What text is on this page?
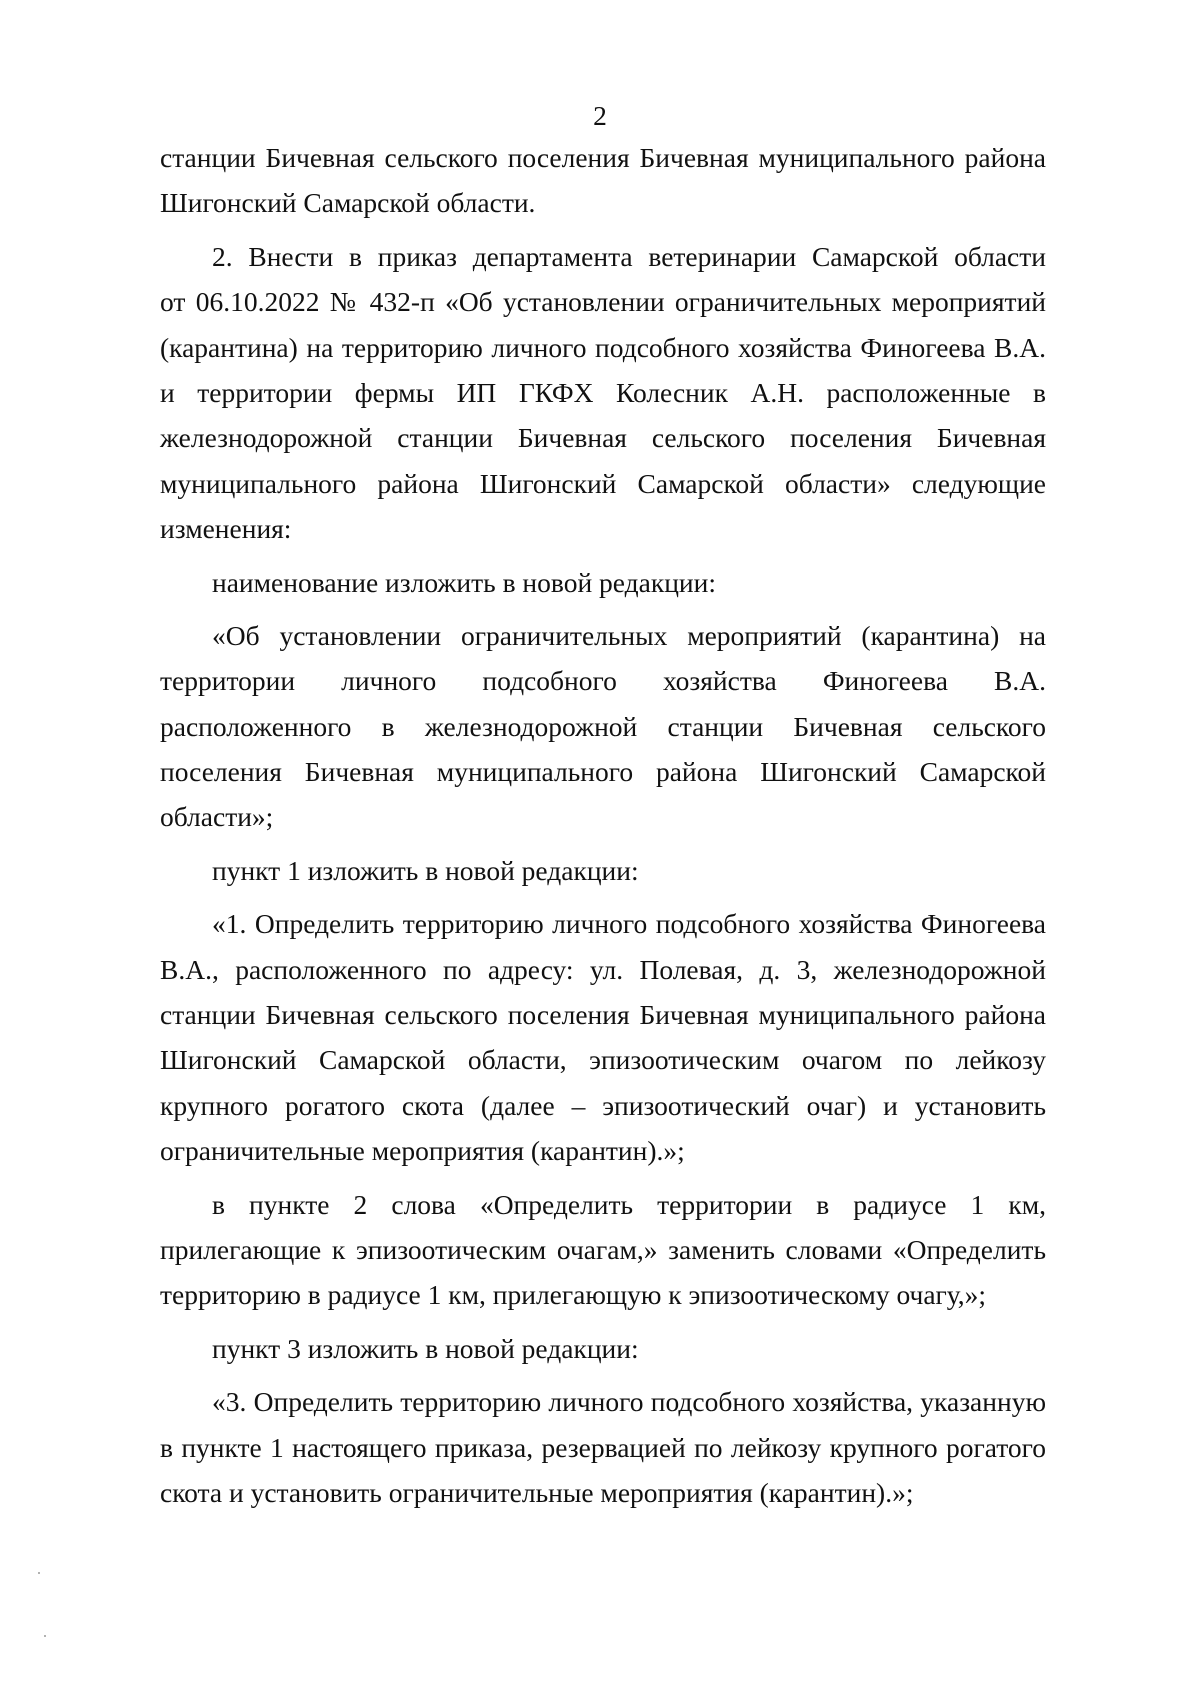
2
станции Бичевная сельского поселения Бичевная муниципального района
Шигонский Самарской области.
2. Внести в приказ департамента ветеринарии Самарской области
от 06.10.2022 № 432-п «Об установлении ограничительных мероприятий
(карантина) на территорию личного подсобного хозяйства Финогеева В.А.
и территории фермы ИП ГКФХ Колесник А.Н. расположенные в
железнодорожной станции Бичевная сельского поселения Бичевная
муниципального района Шигонский Самарской области» следующие
изменения:
наименование изложить в новой редакции:
«Об установлении ограничительных мероприятий (карантина) на
территории личного подсобного хозяйства Финогеева В.А.
расположенного в железнодорожной станции Бичевная сельского
поселения Бичевная муниципального района Шигонский Самарской
области»;
пункт 1 изложить в новой редакции:
«1. Определить территорию личного подсобного хозяйства Финогеева
В.А., расположенного по адресу: ул. Полевая, д. 3, железнодорожной
станции Бичевная сельского поселения Бичевная муниципального района
Шигонский Самарской области, эпизоотическим очагом по лейкозу
крупного рогатого скота (далее – эпизоотический очаг) и установить
ограничительные мероприятия (карантин).»;
в пункте 2 слова «Определить территории в радиусе 1 км,
прилегающие к эпизоотическим очагам,» заменить словами «Определить
территорию в радиусе 1 км, прилегающую к эпизоотическому очагу,»;
пункт 3 изложить в новой редакции:
«3. Определить территорию личного подсобного хозяйства, указанную
в пункте 1 настоящего приказа, резервацией по лейкозу крупного рогатого
скота и установить ограничительные мероприятия (карантин).»;
